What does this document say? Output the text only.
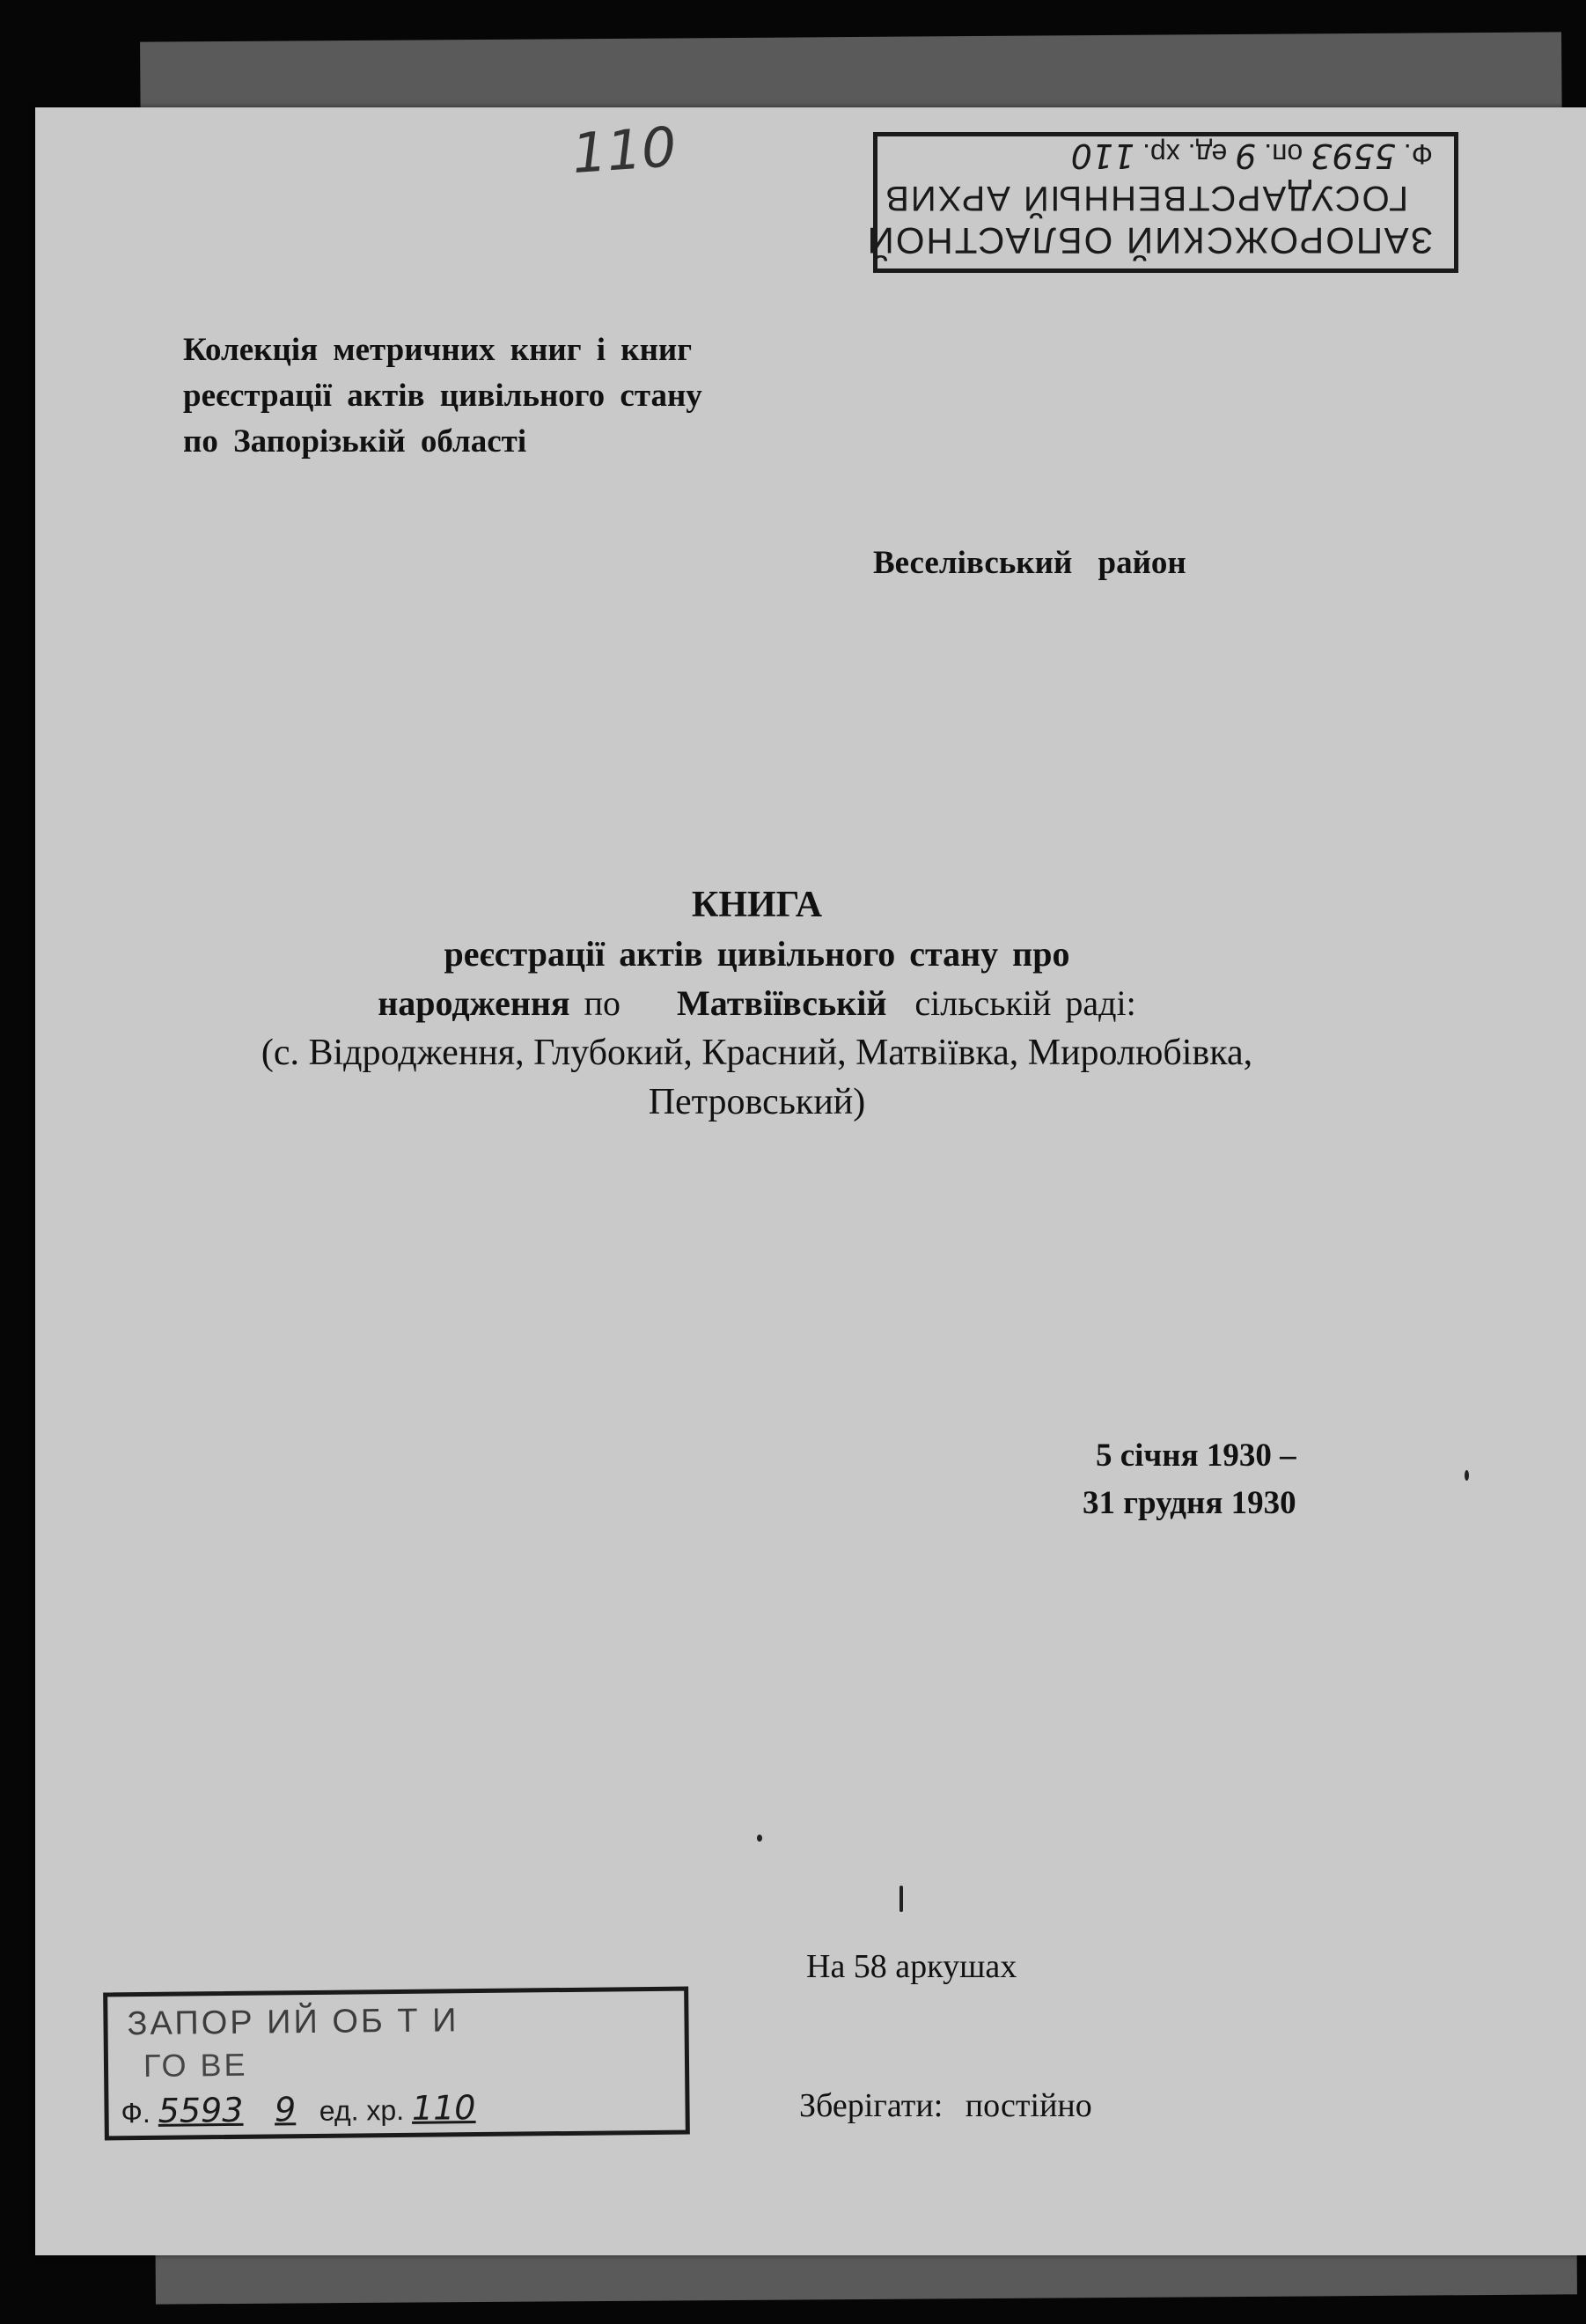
110
ЗАПОРОЖСКИЙ ОБЛАСТНОЙ
ГОСУДАРСТВЕННЫЙ АРХИВ
Ф. 5593 оп. 9 ед. хр. 110
Колекція метричних книг і книг
реєстрації актів цивільного стану
по Запорізькій області
Веселівський район
КНИГА
реєстрації актів цивільного стану про
народження по    Матвіївській  сільській раді:
(с. Відродження, Глубокий, Красний, Матвіївка, Миролюбівка,
Петровський)
5 січня 1930 –
31 грудня 1930
На 58 аркушах
Зберігати: постійно
ЗАПОР ИЙ ОБ Т И
ГО ВЕ
Ф. 5593 9 ед. хр. 110
